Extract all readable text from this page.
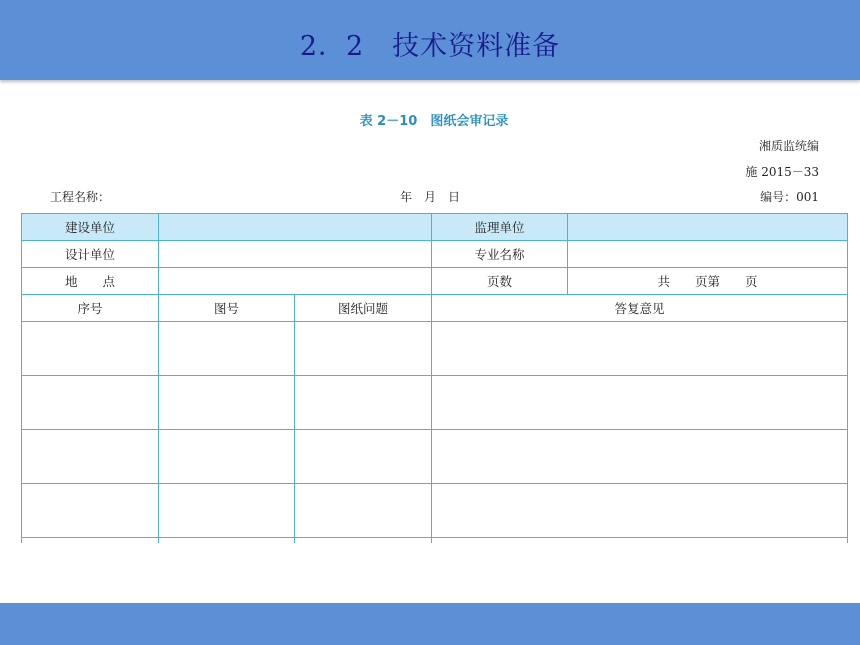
2．2　技术资料准备
表 2－10　图纸会审记录
湘质监统编
施 2015－33
工程名称：	年　月　日	编号：001
建设单位			监理单位	
设计单位			专业名称	
地　　点			页数	共　　页第　　页
序号	图号	图纸问题	答复意见	
